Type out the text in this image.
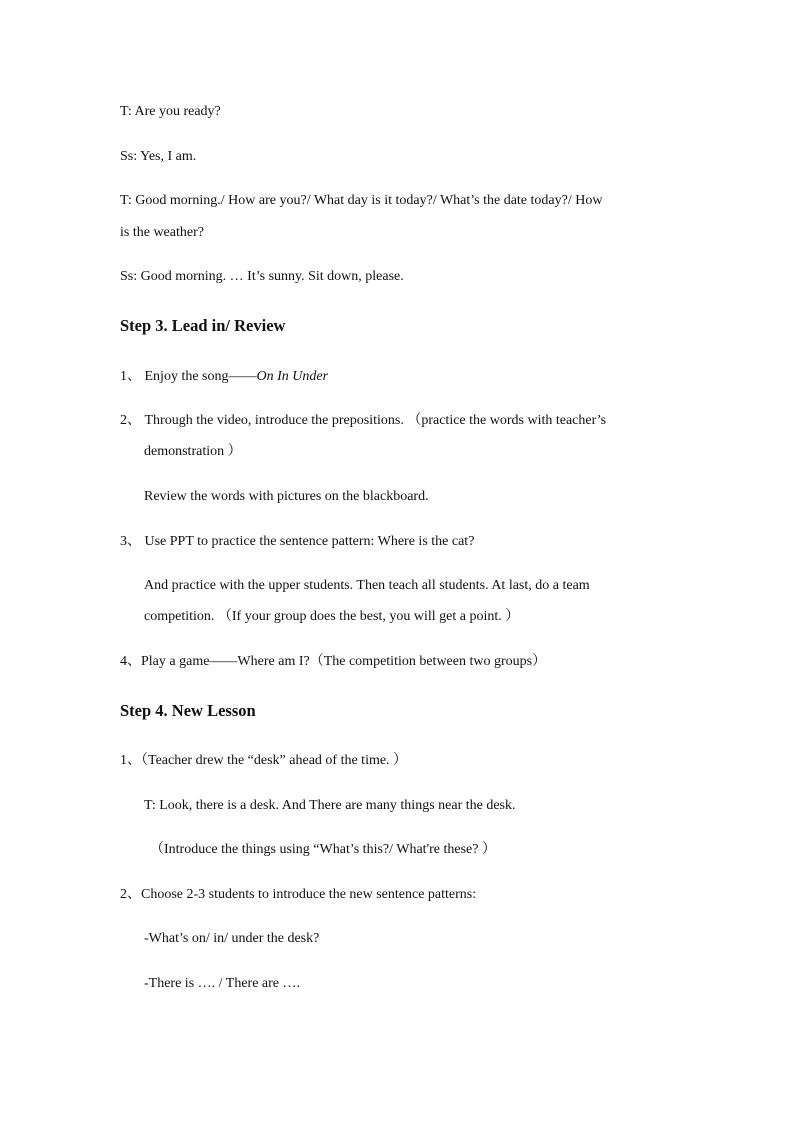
T: Are you ready?
Ss: Yes, I am.
T: Good morning./ How are you?/ What day is it today?/ What’s the date today?/ How
is the weather?
Ss: Good morning. … It’s sunny. Sit down, please.
Step 3. Lead in/ Review
1、 Enjoy the song——On In Under
2、 Through the video, introduce the prepositions. （practice the words with teacher’s
demonstration ）
Review the words with pictures on the blackboard.
3、 Use PPT to practice the sentence pattern: Where is the cat?
And practice with the upper students. Then teach all students. At last, do a team
competition. （If your group does the best, you will get a point. ）
4、Play a game——Where am I?（The competition between two groups）
Step 4. New Lesson
1、（Teacher drew the “desk” ahead of the time. ）
T: Look, there is a desk. And There are many things near the desk.
（Introduce the things using “What’s this?/ What're these? ）
2、Choose 2-3 students to introduce the new sentence patterns:
-What’s on/ in/ under the desk?
-There is …. / There are ….
